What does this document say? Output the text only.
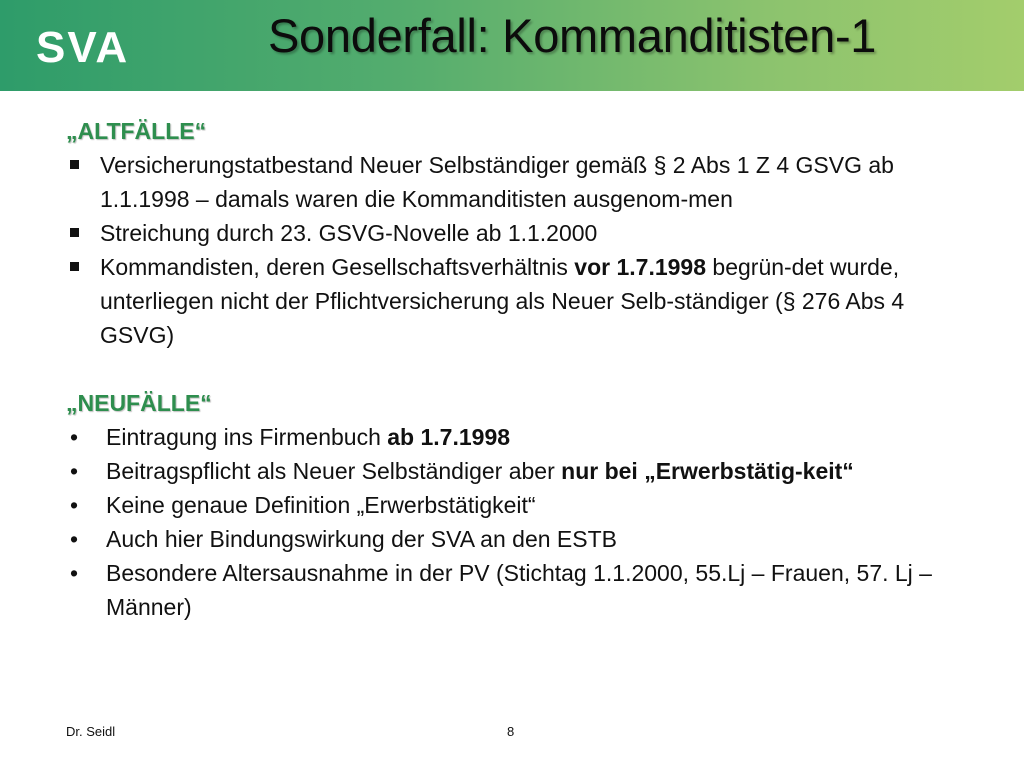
SVA	Sonderfall: Kommanditisten-1
„ALTFÄLLE“
Versicherungstatbestand Neuer Selbständiger gemäß § 2 Abs 1 Z 4 GSVG ab 1.1.1998 – damals waren die Kommanditisten ausgenom-men
Streichung durch 23. GSVG-Novelle ab 1.1.2000
Kommandisten, deren Gesellschaftsverhältnis vor 1.7.1998 begrün-det wurde, unterliegen nicht der Pflichtversicherung als Neuer Selb-ständiger (§ 276 Abs 4 GSVG)
„NEUFÄLLE“
• Eintragung ins Firmenbuch ab 1.7.1998
• Beitragspflicht als Neuer Selbständiger aber nur bei „Erwerbstätig-keit“
• Keine genaue Definition „Erwerbstätigkeit“
• Auch hier Bindungswirkung der SVA an den ESTB
• Besondere Altersausnahme in der PV (Stichtag 1.1.2000, 55.Lj – Frauen, 57. Lj – Männer)
Dr. Seidl	8
